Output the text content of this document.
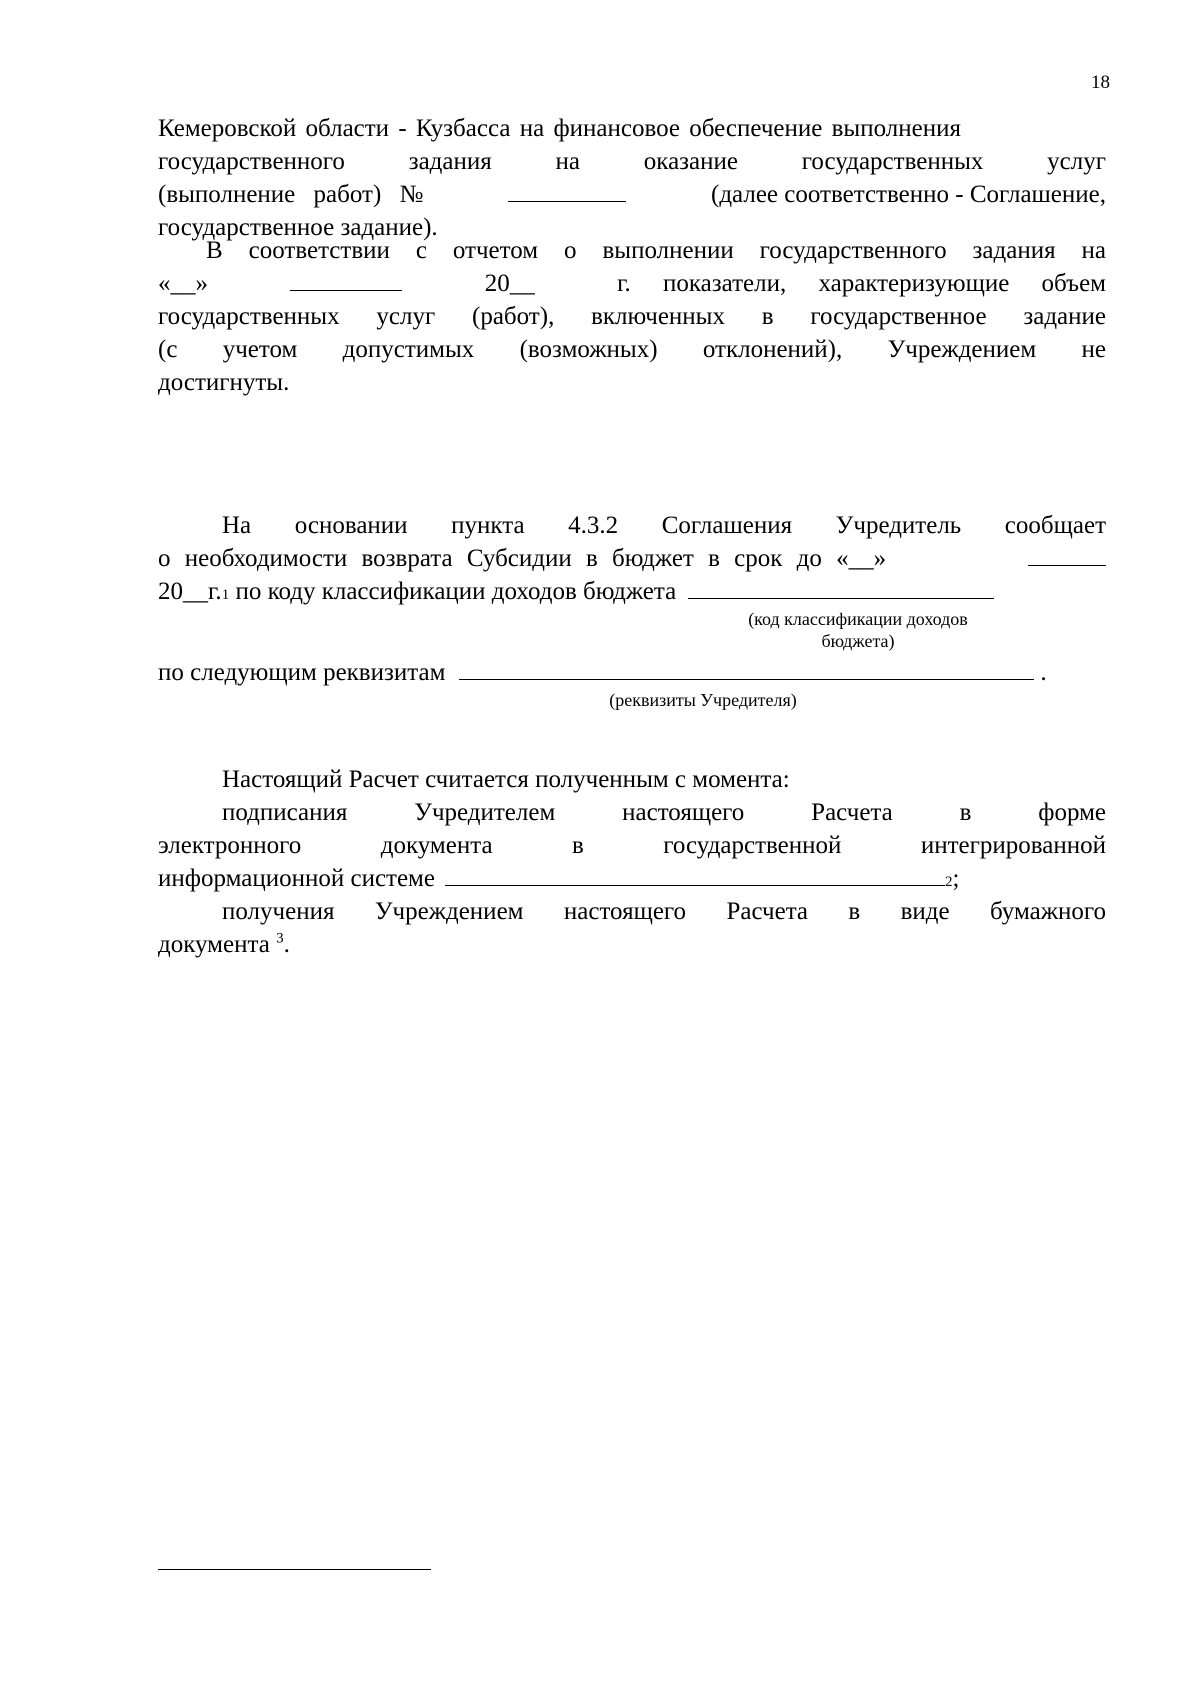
18
Кемеровской области - Кузбасса на финансовое обеспечение выполнения
государственного задания на оказание государственных услуг
(выполнение работ) №	(далее соответственно - Соглашение,
государственное задание).
В соответствии с отчетом о выполнении государственного задания на
«__»	20__	г. показатели, характеризующие объем
государственных услуг (работ), включенных в государственное задание
(с учетом допустимых (возможных) отклонений), Учреждением не
достигнуты.
На основании пункта 4.3.2 Соглашения Учредитель сообщает
о необходимости возврата Субсидии в бюджет в срок до «__»
20__г. 1 по коду классификации доходов бюджета
(код классификации доходов бюджета)
по следующим реквизитам	.
(реквизиты Учредителя)
Настоящий Расчет считается полученным с момента:
подписания Учредителем настоящего Расчета в форме
электронного документа в государственной интегрированной
информационной системе	2 ;
получения Учреждением настоящего Расчета в виде бумажного
документа $^3$.
